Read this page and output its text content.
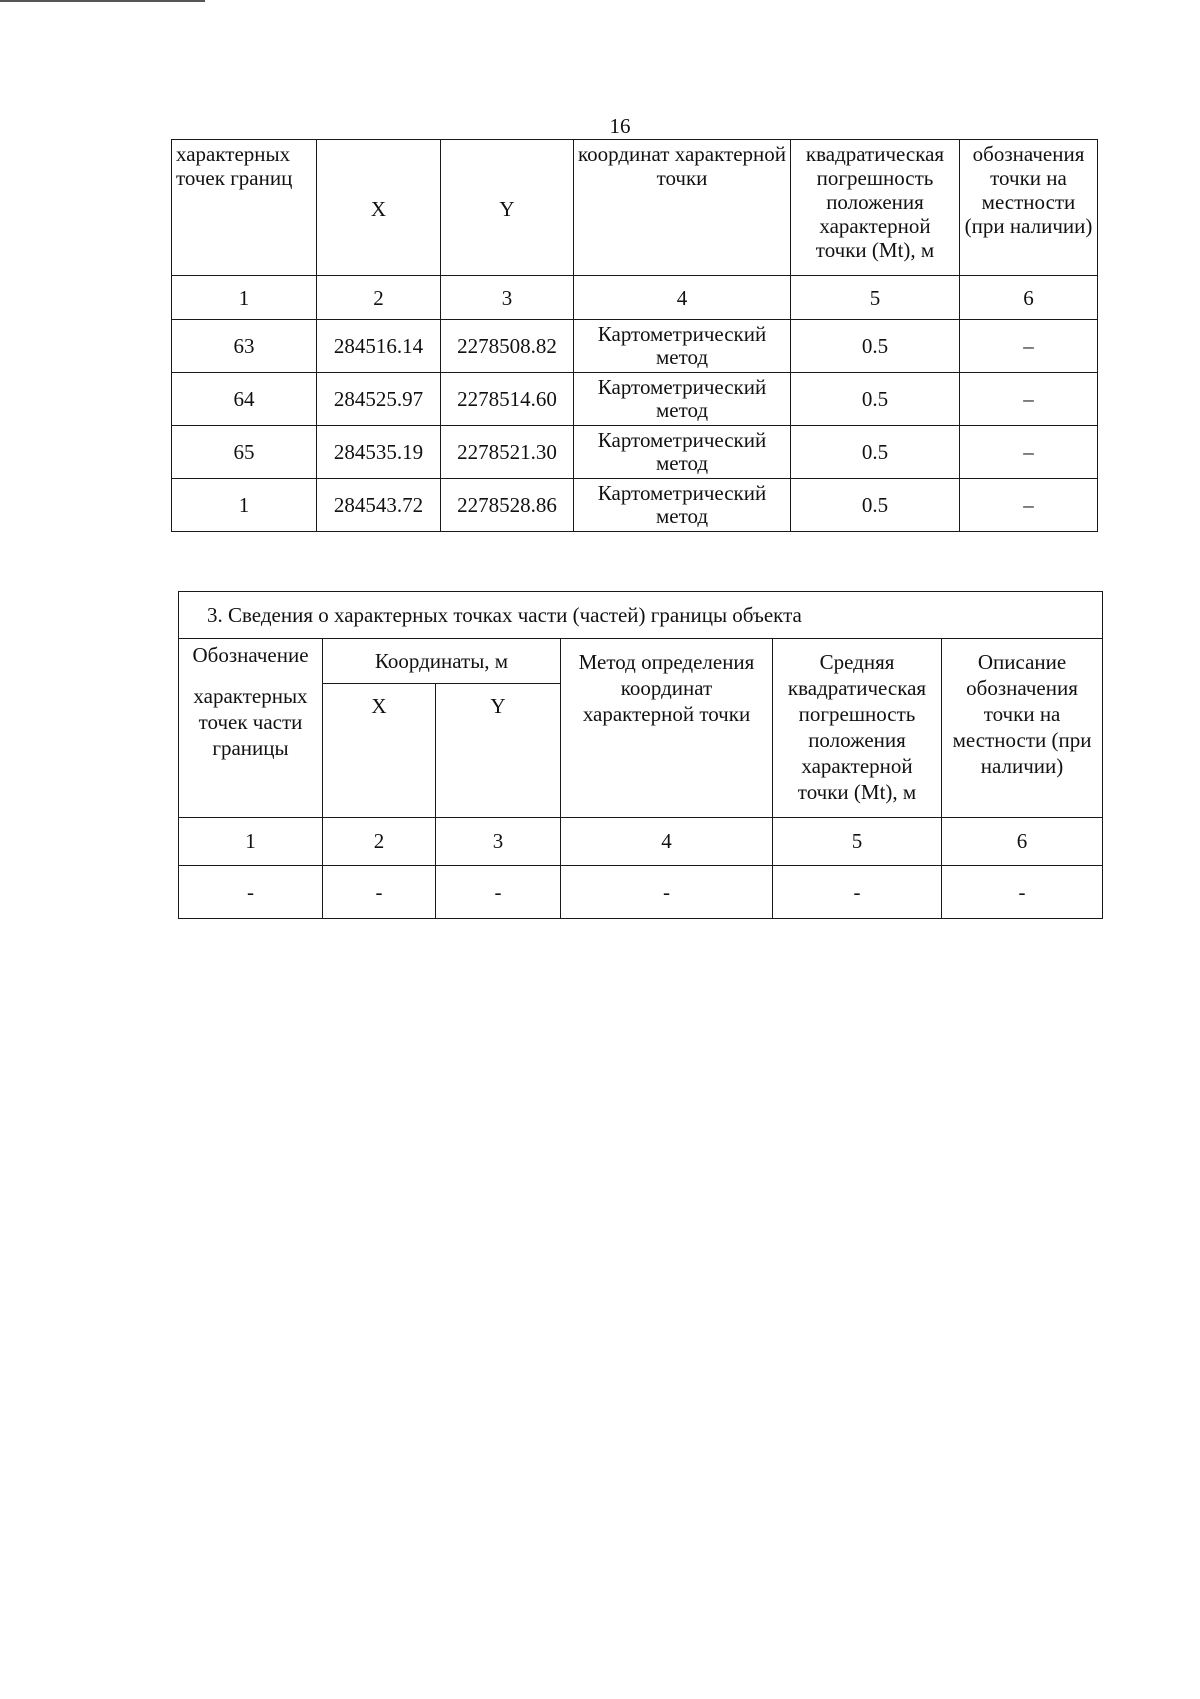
16
характерных точек границ	X	Y	координат характерной точки	квадратическая погрешность положения характерной точки (Mt), м	обозначения точки на местности (при наличии)
1	2	3	4	5	6
63	284516.14	2278508.82	Картометрический метод	0.5	–
64	284525.97	2278514.60	Картометрический метод	0.5	–
65	284535.19	2278521.30	Картометрический метод	0.5	–
1	284543.72	2278528.86	Картометрический метод	0.5	–
3. Сведения о характерных точках части (частей) границы объекта					
Обозначение	Координаты, м		Метод определения координат характерной точки	Средняя квадратическая погрешность положения характерной точки (Mt), м	Описание обозначения точки на местности (при наличии)
характерных точек части границы	X	Y			
1	2	3	4	5	6
-	-	-	-	-	-
